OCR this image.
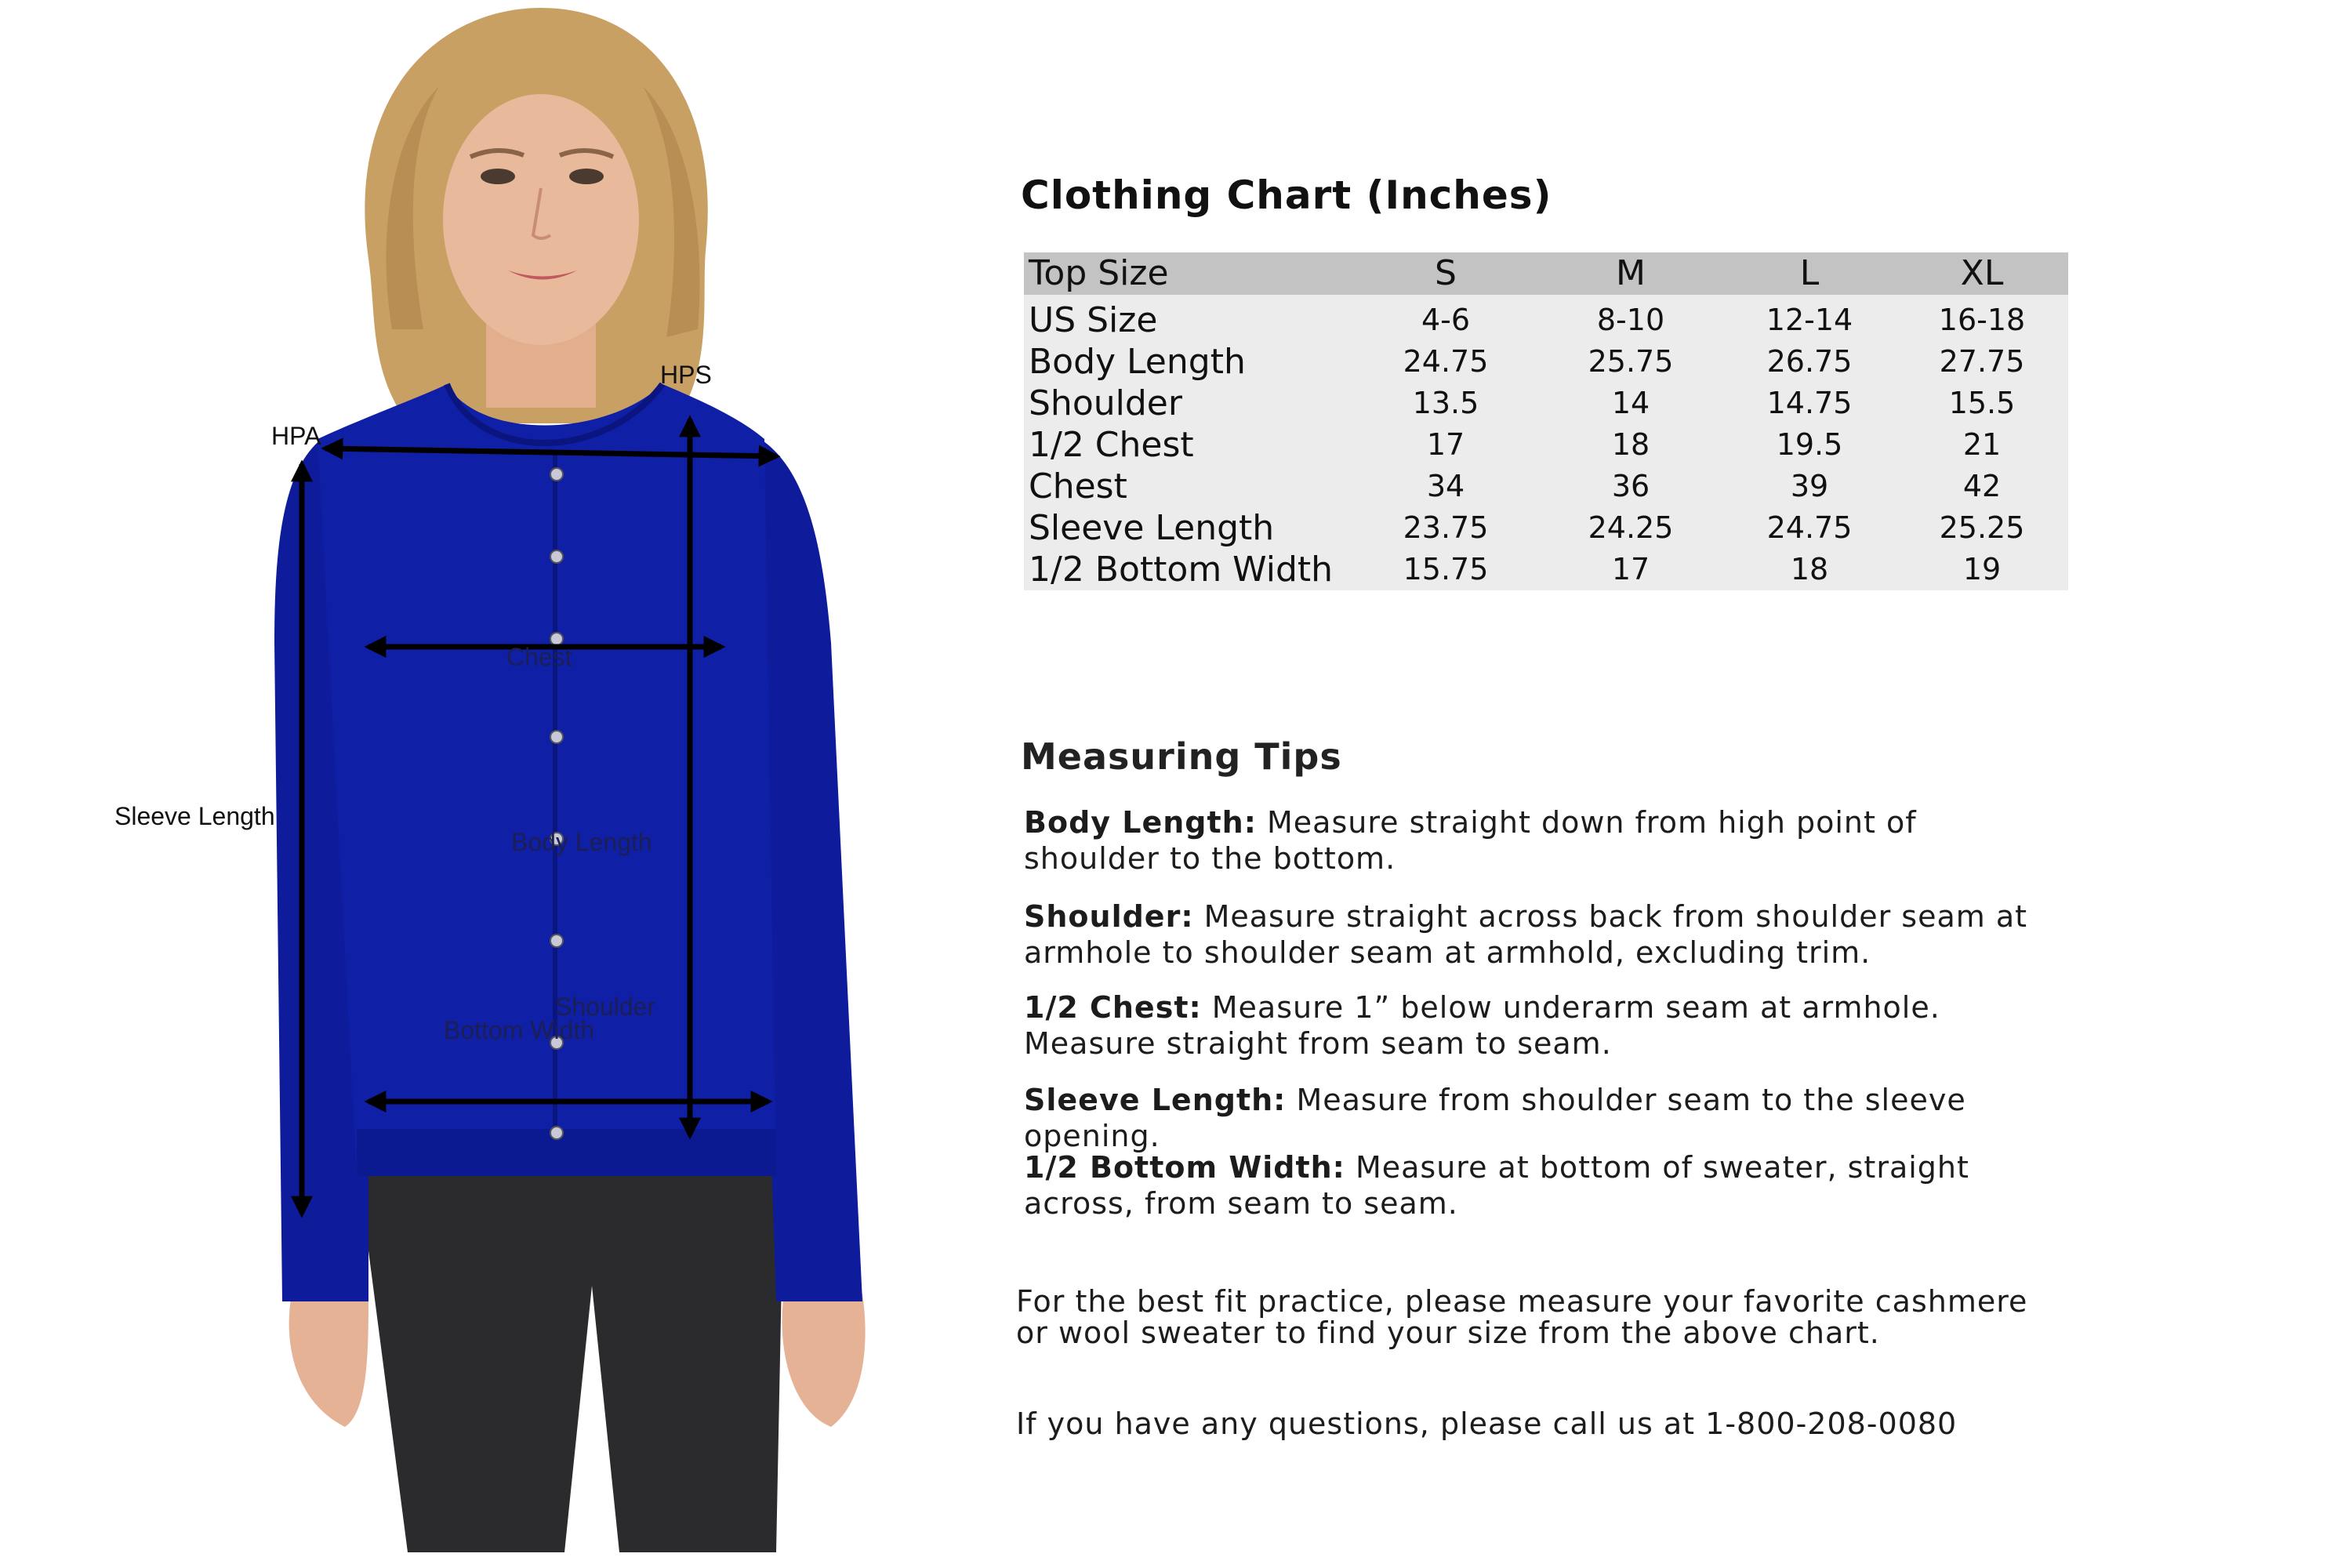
HPA
HPS
Chest
Sleeve Length
Body Length
Shoulder
Bottom Width
Clothing Chart (Inches)
Top Size	S	M	L	XL
US Size	4-6	8-10	12-14	16-18
Body Length	24.75	25.75	26.75	27.75
Shoulder	13.5	14	14.75	15.5
1/2 Chest	17	18	19.5	21
Chest	34	36	39	42
Sleeve Length	23.75	24.25	24.75	25.25
1/2 Bottom Width	15.75	17	18	19
Measuring Tips
Body Length: Measure straight down from high point of shoulder to the bottom.
Shoulder: Measure straight across back from shoulder seam at armhole to shoulder seam at armhold, excluding trim.
1/2 Chest: Measure 1” below underarm seam at armhole. Measure straight from seam to seam.
Sleeve Length: Measure from shoulder seam to the sleeve opening.
1/2 Bottom Width: Measure at bottom of sweater, straight across, from seam to seam.
For the best fit practice, please measure your favorite cashmere or wool sweater to find your size from the above chart.
If you have any questions, please call us at 1-800-208-0080
